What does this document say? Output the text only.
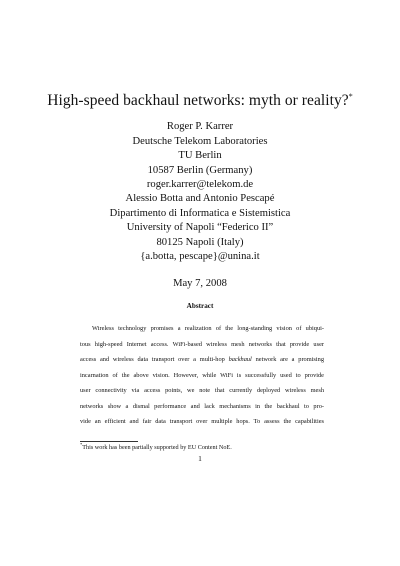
High-speed backhaul networks: myth or reality?*
Roger P. Karrer
Deutsche Telekom Laboratories
TU Berlin
10587 Berlin (Germany)
roger.karrer@telekom.de
Alessio Botta and Antonio Pescapé
Dipartimento di Informatica e Sistemistica
University of Napoli “Federico II”
80125 Napoli (Italy)
{a.botta, pescape}@unina.it
May 7, 2008
Abstract
Wireless technology promises a realization of the long-standing vision of ubiqui-
tous high-speed Internet access. WiFi-based wireless mesh networks that provide user
access and wireless data transport over a multi-hop backhaul network are a promising
incarnation of the above vision. However, while WiFi is successfully used to provide
user connectivity via access points, we note that currently deployed wireless mesh
networks show a dismal performance and lack mechanisms in the backhaul to pro-
vide an efficient and fair data transport over multiple hops. To assess the capabilities
*This work has been partially supported by EU Content NoE.
1
